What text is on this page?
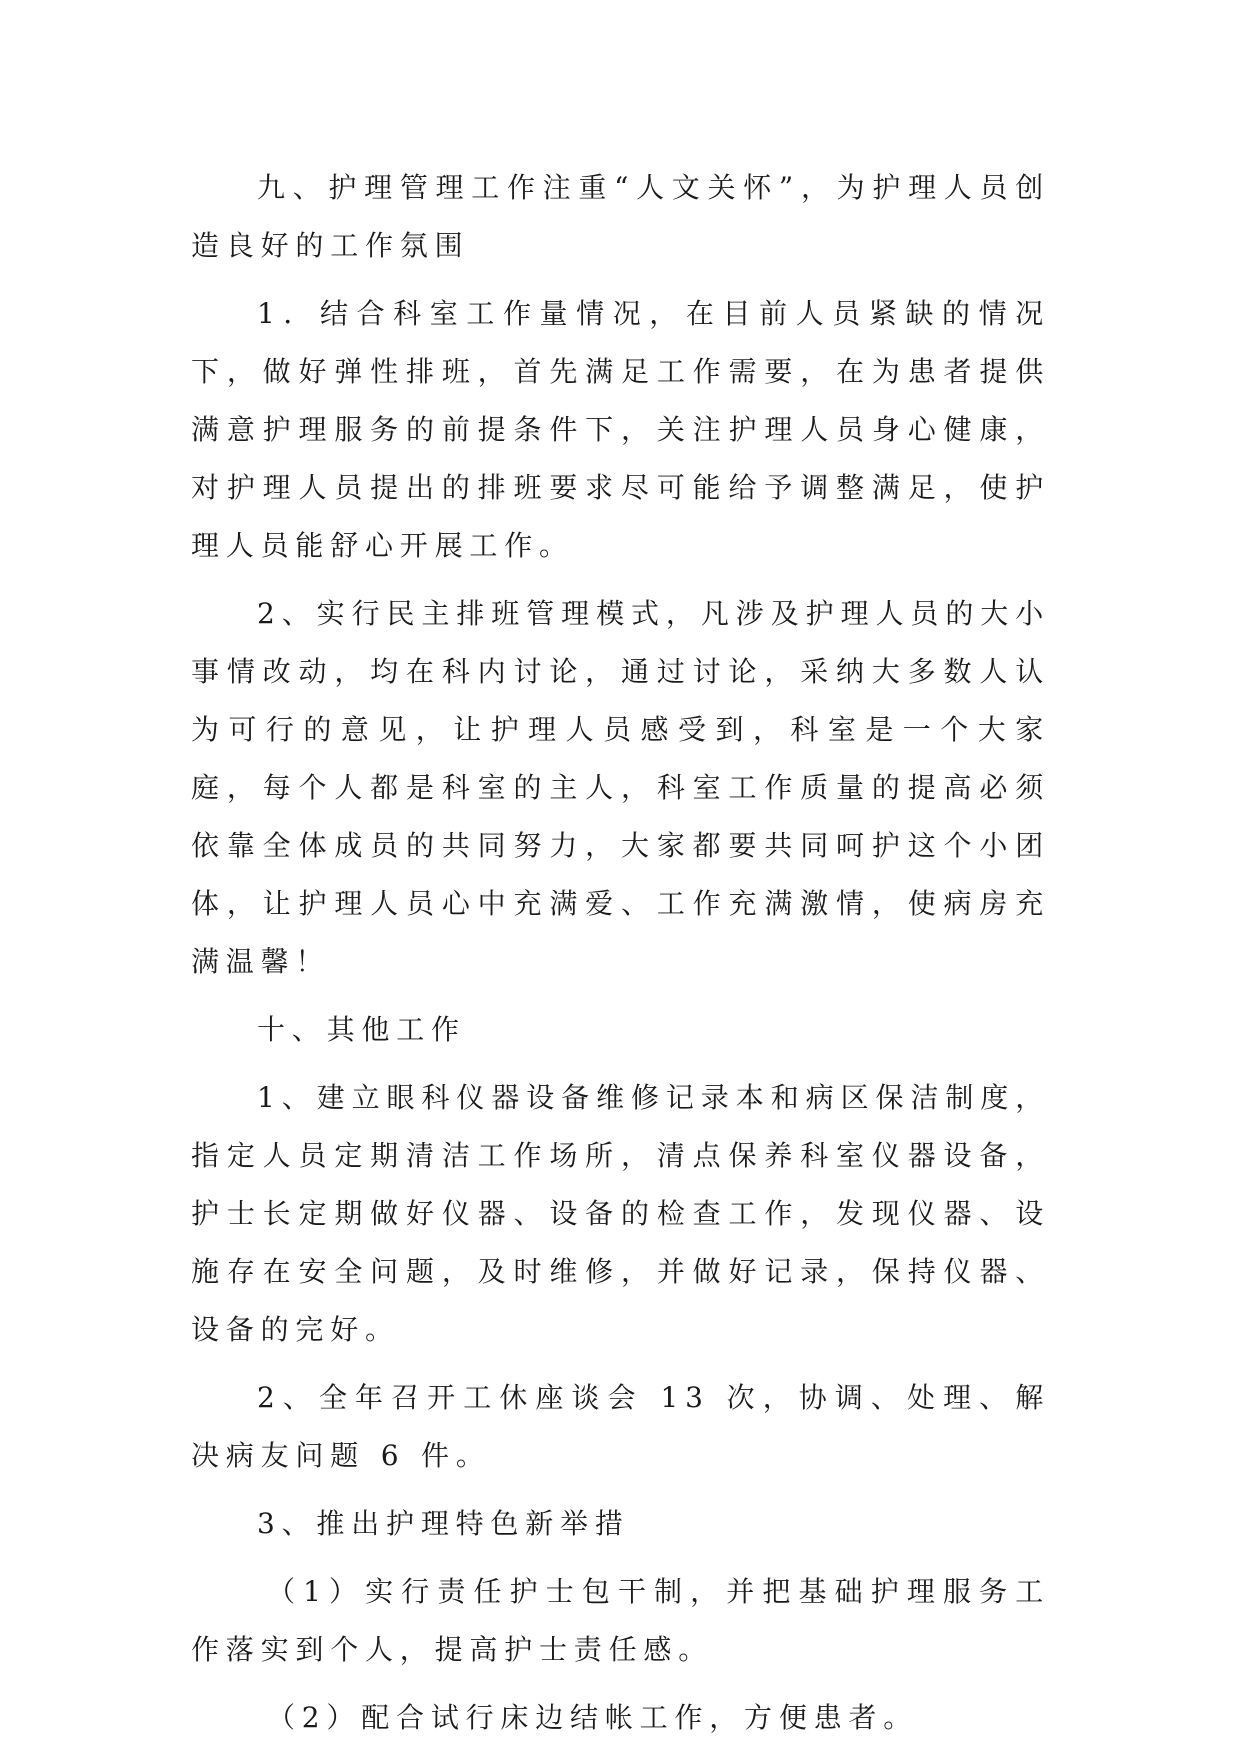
九、护理管理工作注重“人文关怀”，为护理人员创造良好的工作氛围

1．结合科室工作量情况，在目前人员紧缺的情况下，做好弹性排班，首先满足工作需要，在为患者提供满意护理服务的前提条件下，关注护理人员身心健康，对护理人员提出的排班要求尽可能给予调整满足，使护理人员能舒心开展工作。

2、实行民主排班管理模式，凡涉及护理人员的大小事情改动，均在科内讨论，通过讨论，采纳大多数人认为可行的意见，让护理人员感受到，科室是一个大家庭，每个人都是科室的主人，科室工作质量的提高必须依靠全体成员的共同努力，大家都要共同呵护这个小团体，让护理人员心中充满爱、工作充满激情，使病房充满温馨！

十、其他工作

1、建立眼科仪器设备维修记录本和病区保洁制度，指定人员定期清洁工作场所，清点保养科室仪器设备，护士长定期做好仪器、设备的检查工作，发现仪器、设施存在安全问题，及时维修，并做好记录，保持仪器、设备的完好。

2、全年召开工休座谈会 13 次，协调、处理、解决病友问题 6 件。

3、推出护理特色新举措

（1）实行责任护士包干制，并把基础护理服务工作落实到个人，提高护士责任感。

（2）配合试行床边结帐工作，方便患者。
